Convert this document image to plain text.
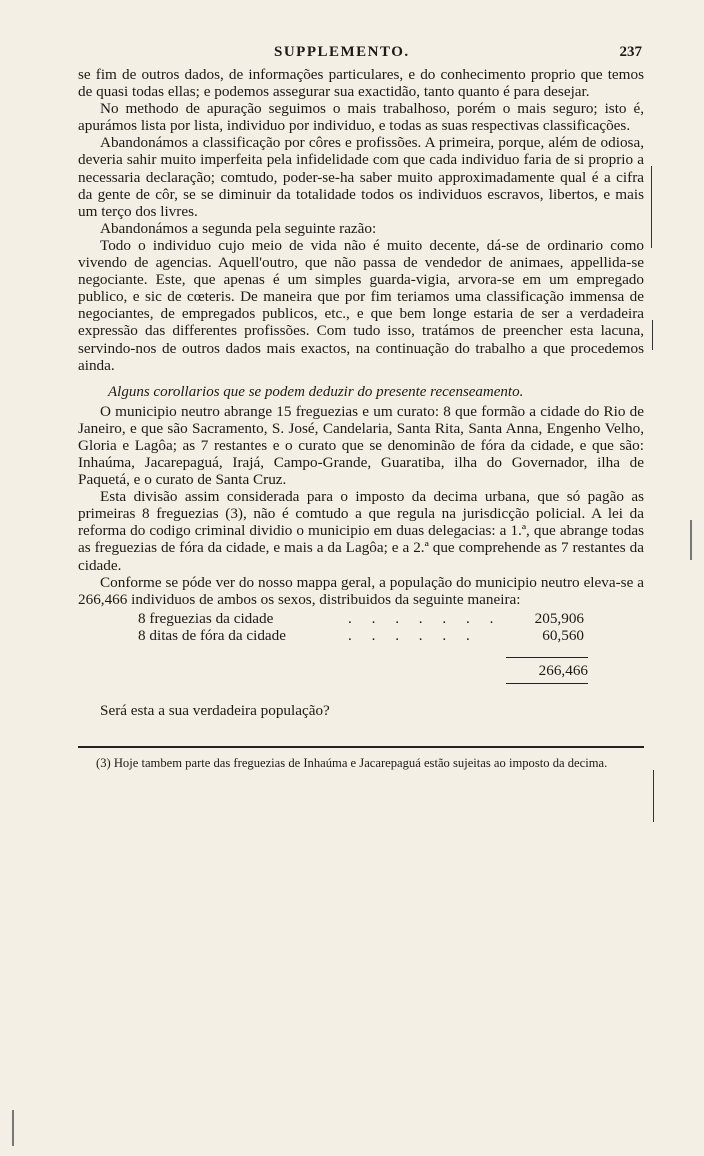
SUPPLEMENTO.	237

se fim de outros dados, de informações particulares, e do conhecimento proprio que temos de quasi todas ellas; e podemos assegurar sua exactidão, tanto quanto é para desejar.

No methodo de apuração seguimos o mais trabalhoso, porém o mais seguro; isto é, apurámos lista por lista, individuo por individuo, e todas as suas respectivas classificações.

Abandonámos a classificação por côres e profissões. A primeira, porque, além de odiosa, deveria sahir muito imperfeita pela infidelidade com que cada individuo faria de si proprio a necessaria declaração; comtudo, poder-se-ha saber muito approximadamente qual é a cifra da gente de côr, se se diminuir da totalidade todos os individuos escravos, libertos, e mais um terço dos livres.

Abandonámos a segunda pela seguinte razão:

Todo o individuo cujo meio de vida não é muito decente, dá-se de ordinario como vivendo de agencias. Aquell'outro, que não passa de vendedor de animaes, appellida-se negociante. Este, que apenas é um simples guarda-vigia, arvora-se em um empregado publico, e sic de cœteris. De maneira que por fim teriamos uma classificação immensa de negociantes, de empregados publicos, etc., e que bem longe estaria de ser a verdadeira expressão das differentes profissões. Com tudo isso, tratámos de preencher esta lacuna, servindo-nos de outros dados mais exactos, na continuação do trabalho a que procedemos ainda.

Alguns corollarios que se podem deduzir do presente recenseamento.

O municipio neutro abrange 15 freguezias e um curato: 8 que formão a cidade do Rio de Janeiro, e que são Sacramento, S. José, Candelaria, Santa Rita, Santa Anna, Engenho Velho, Gloria e Lagôa; as 7 restantes e o curato que se denominão de fóra da cidade, e que são: Inhaúma, Jacarepaguá, Irajá, Campo-Grande, Guaratiba, ilha do Governador, ilha de Paquetá, e o curato de Santa Cruz.

Esta divisão assim considerada para o imposto da decima urbana, que só pagão as primeiras 8 freguezias (3), não é comtudo a que regula na jurisdicção policial. A lei da reforma do codigo criminal dividio o municipio em duas delegacias: a 1.ª, que abrange todas as freguezias de fóra da cidade, e mais a da Lagôa; e a 2.ª que comprehende as 7 restantes da cidade.

Conforme se póde ver do nosso mappa geral, a população do municipio neutro eleva-se a 266,466 individuos de ambos os sexos, distribuidos da seguinte maneira:

8 freguezias da cidade	. . . . . . .	205,906
8 ditas de fóra da cidade	. . . . . .	60,560
266,466
Será esta a sua verdadeira população?
(3) Hoje tambem parte das freguezias de Inhaúma e Jacarepaguá estão sujeitas ao imposto da decima.
